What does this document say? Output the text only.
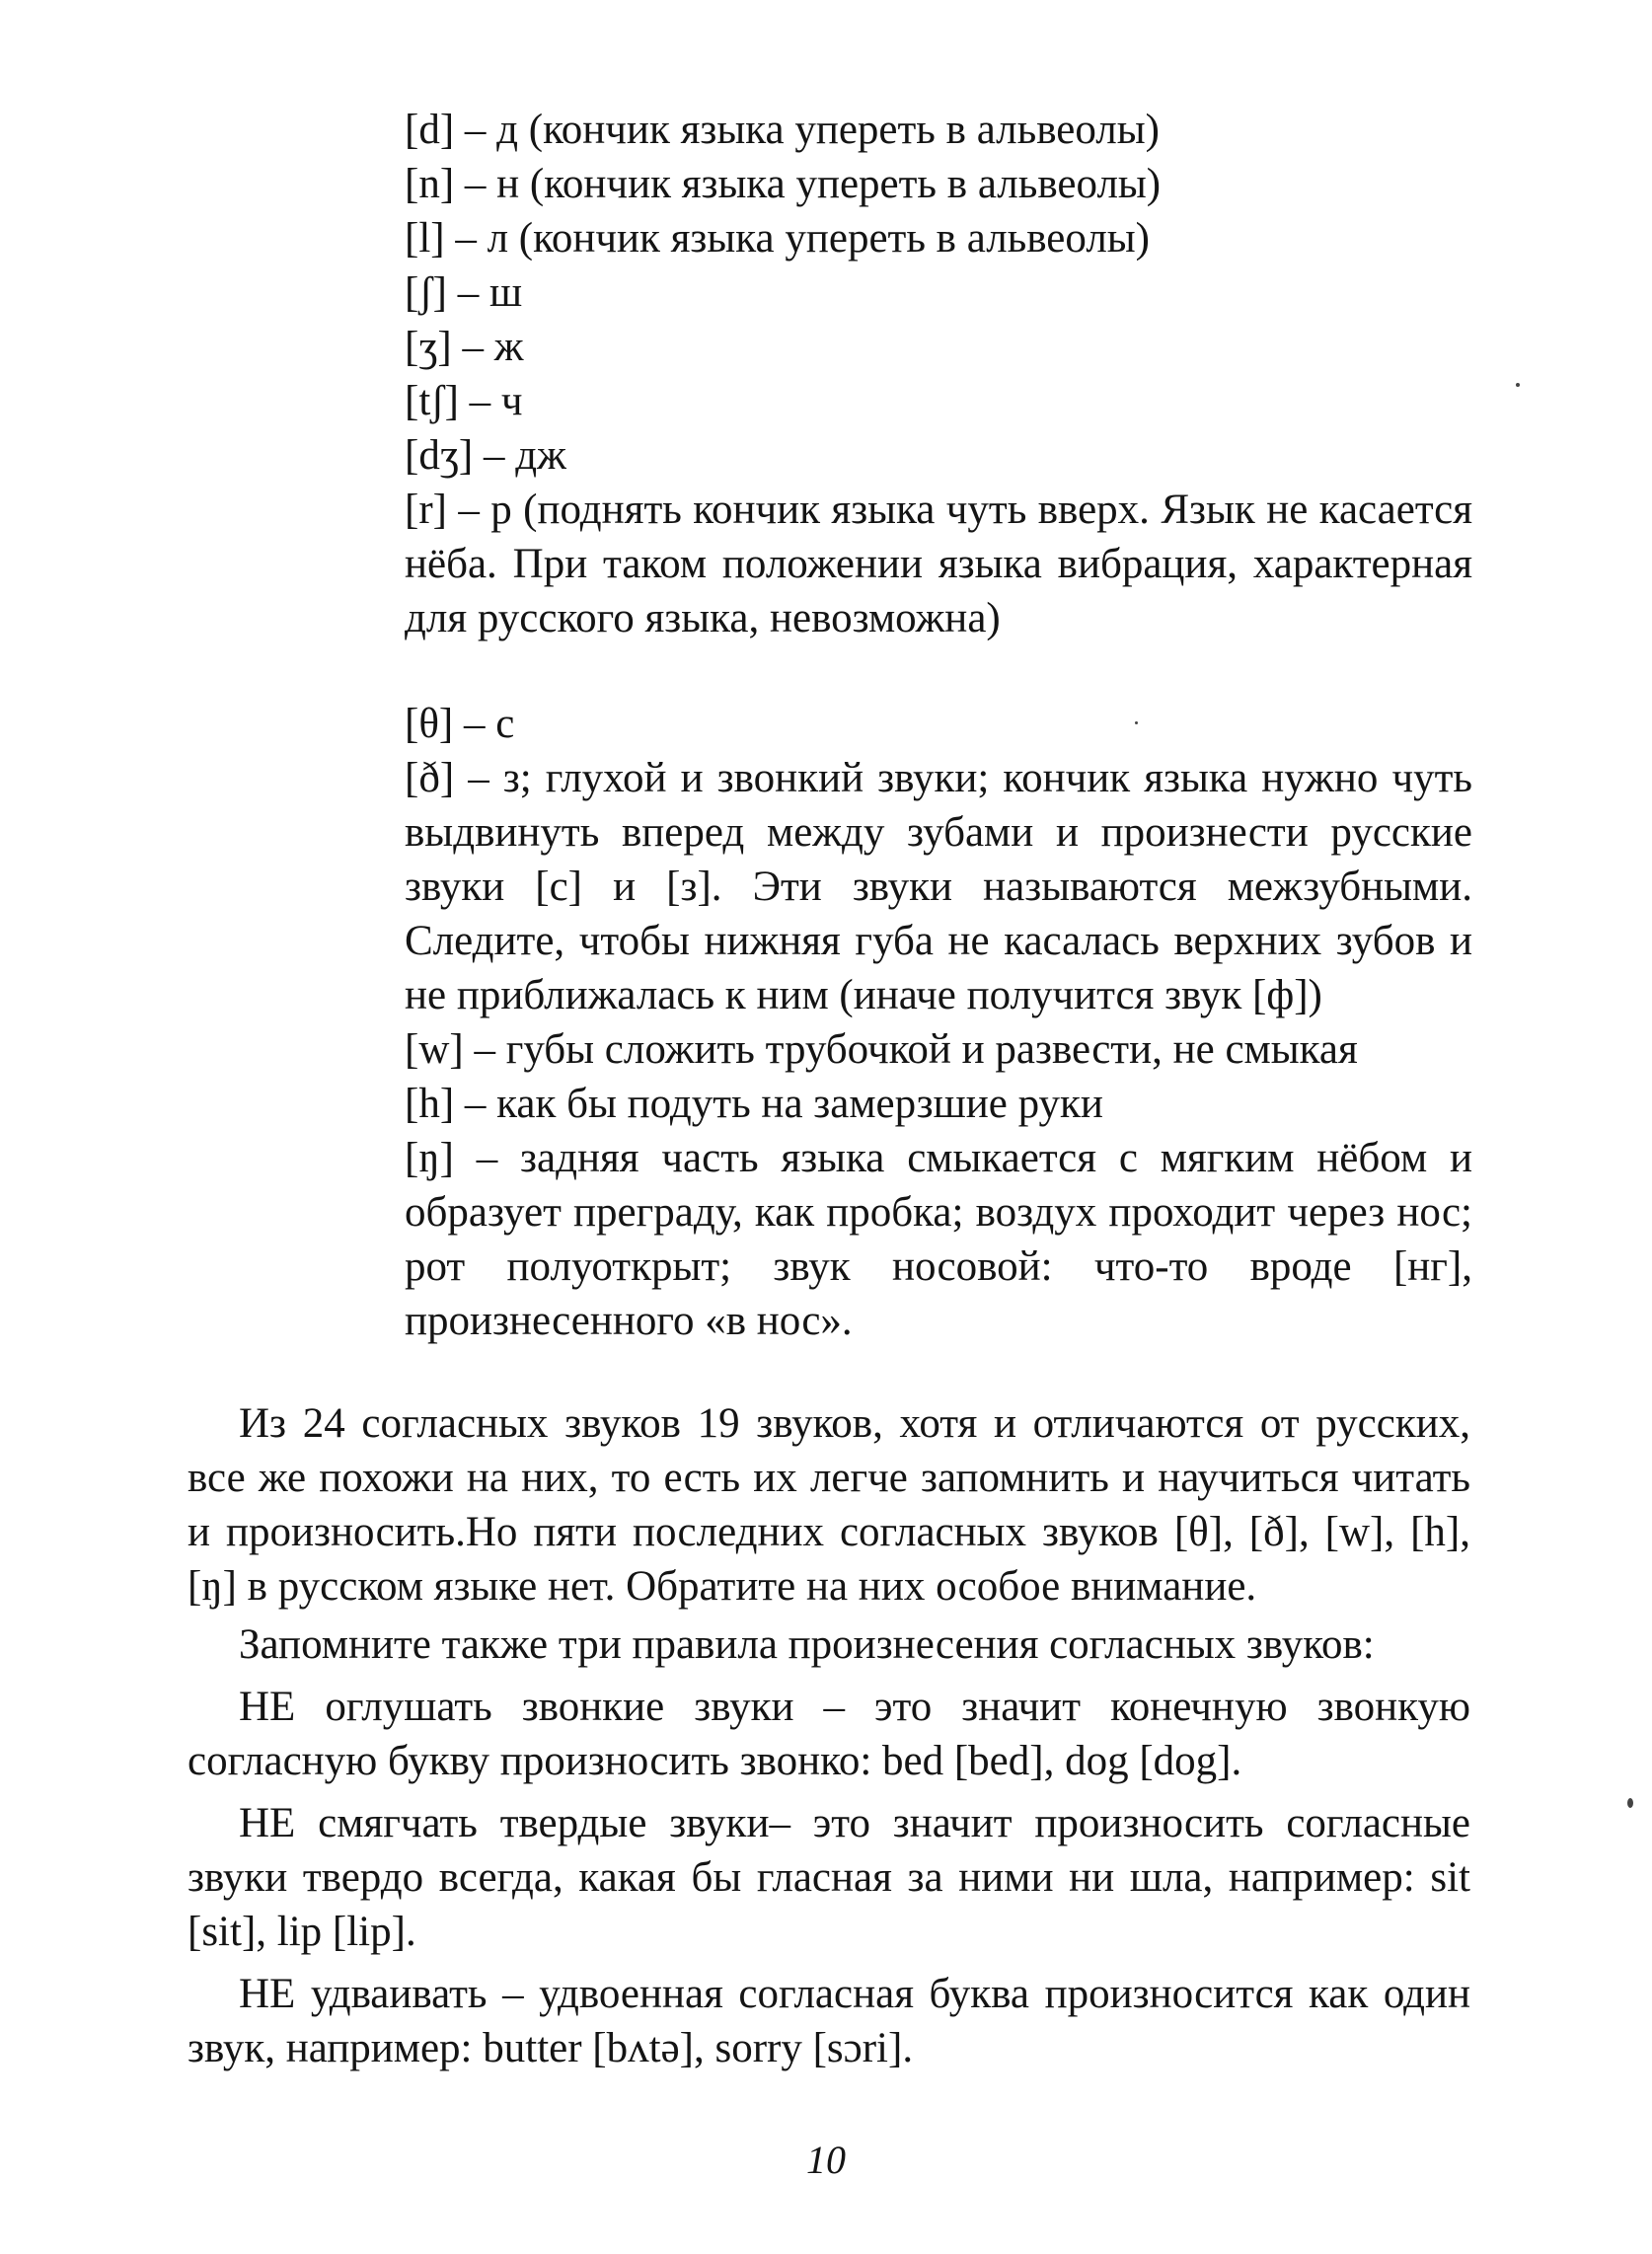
[d] – д (кончик языка упереть в альвеолы)
[n] – н (кончик языка упереть в альвеолы)
[l] – л (кончик языка упереть в альвеолы)
[ʃ] – ш
[ʒ] – ж
[tʃ] – ч
[dʒ] – дж
[r] – р (поднять кончик языка чуть вверх. Язык не касается нёба. При таком положении языка вибрация, характерная для русского языка, невозможна)
[θ] – с
[ð] – з; глухой и звонкий звуки; кончик языка нужно чуть выдвинуть вперед между зубами и произнести русские звуки [с] и [з]. Эти звуки называются межзубными. Следите, чтобы нижняя губа не касалась верхних зубов и не приближалась к ним (иначе получится звук [ф])
[w] – губы сложить трубочкой и развести, не смыкая
[h] – как бы подуть на замерзшие руки
[ŋ] – задняя часть языка смыкается с мягким нёбом и образует преграду, как пробка; воздух проходит через нос; рот полуоткрыт; звук носовой: что-то вроде [нг], произнесенного «в нос».

Из 24 согласных звуков 19 звуков, хотя и отличаются от русских, все же похожи на них, то есть их легче запомнить и научиться читать и произносить.Но пяти последних согласных звуков [θ], [ð], [w], [h], [ŋ] в русском языке нет. Обратите на них особое внимание.

Запомните также три правила произнесения согласных звуков:

НЕ оглушать звонкие звуки – это значит конечную звонкую согласную букву произносить звонко: bed [bed], dog [dog].

НЕ смягчать твердые звуки– это значит произносить согласные звуки твердо всегда, какая бы гласная за ними ни шла, например: sit [sit], lip [lip].

НЕ удваивать – удвоенная согласная буква произносится как один звук, например: butter [bʌtə], sorry [sɔri].

10
